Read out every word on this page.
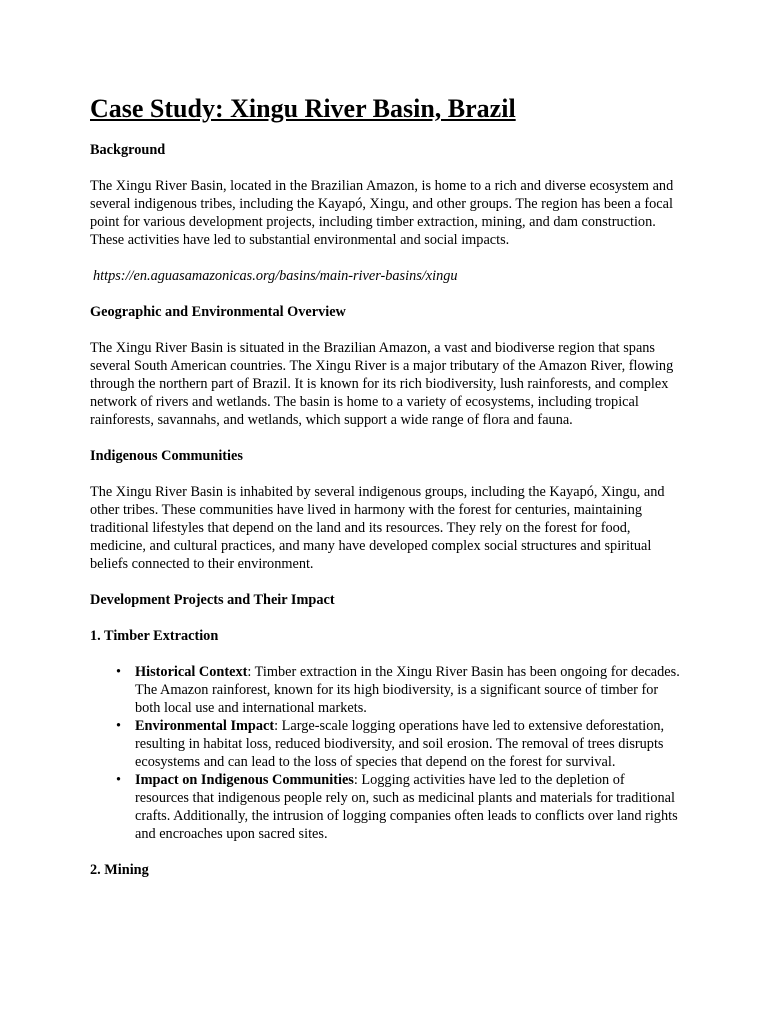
Case Study: Xingu River Basin, Brazil
Background

The Xingu River Basin, located in the Brazilian Amazon, is home to a rich and diverse ecosystem and several indigenous tribes, including the Kayapó, Xingu, and other groups. The region has been a focal point for various development projects, including timber extraction, mining, and dam construction. These activities have led to substantial environmental and social impacts.

https://en.aguasamazonicas.org/basins/main-river-basins/xingu

Geographic and Environmental Overview

The Xingu River Basin is situated in the Brazilian Amazon, a vast and biodiverse region that spans several South American countries. The Xingu River is a major tributary of the Amazon River, flowing through the northern part of Brazil. It is known for its rich biodiversity, lush rainforests, and complex network of rivers and wetlands. The basin is home to a variety of ecosystems, including tropical rainforests, savannahs, and wetlands, which support a wide range of flora and fauna.

Indigenous Communities

The Xingu River Basin is inhabited by several indigenous groups, including the Kayapó, Xingu, and other tribes. These communities have lived in harmony with the forest for centuries, maintaining traditional lifestyles that depend on the land and its resources. They rely on the forest for food, medicine, and cultural practices, and many have developed complex social structures and spiritual beliefs connected to their environment.

Development Projects and Their Impact
1. Timber Extraction
• Historical Context: Timber extraction in the Xingu River Basin has been ongoing for decades. The Amazon rainforest, known for its high biodiversity, is a significant source of timber for both local use and international markets.
• Environmental Impact: Large-scale logging operations have led to extensive deforestation, resulting in habitat loss, reduced biodiversity, and soil erosion. The removal of trees disrupts ecosystems and can lead to the loss of species that depend on the forest for survival.
• Impact on Indigenous Communities: Logging activities have led to the depletion of resources that indigenous people rely on, such as medicinal plants and materials for traditional crafts. Additionally, the intrusion of logging companies often leads to conflicts over land rights and encroaches upon sacred sites.
2. Mining
